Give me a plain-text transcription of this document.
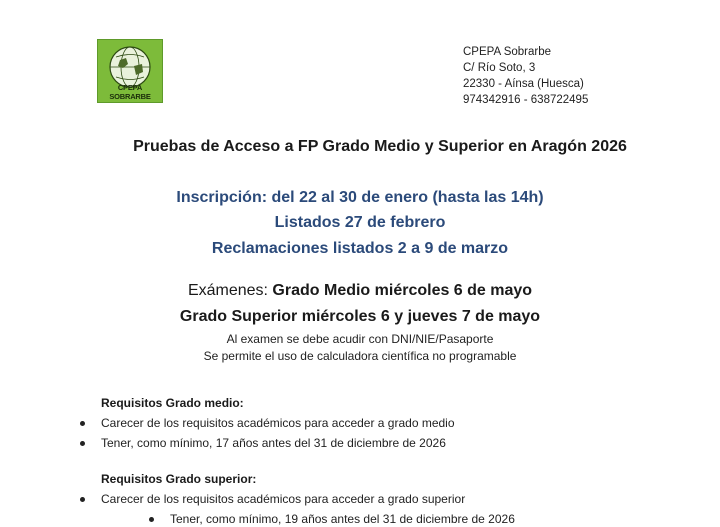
CPEPA SOBRARBE
CPEPA Sobrarbe
C/ Río Soto, 3
22330 - Aínsa (Huesca)
974342916 - 638722495
Pruebas de Acceso a FP Grado Medio y Superior en Aragón 2026
Inscripción: del 22 al 30 de enero (hasta las 14h)
Listados 27 de febrero
Reclamaciones listados 2 a 9 de marzo
Exámenes: Grado Medio miércoles 6 de mayo
Grado Superior miércoles 6 y jueves 7 de mayo
Al examen se debe acudir con DNI/NIE/Pasaporte
Se permite el uso de calculadora científica no programable
Requisitos Grado medio:
Carecer de los requisitos académicos para acceder a grado medio
Tener, como mínimo, 17 años antes del 31 de diciembre de 2026
Requisitos Grado superior:
Carecer de los requisitos académicos para acceder a grado superior
Tener, como mínimo, 19 años antes del 31 de diciembre de 2026
